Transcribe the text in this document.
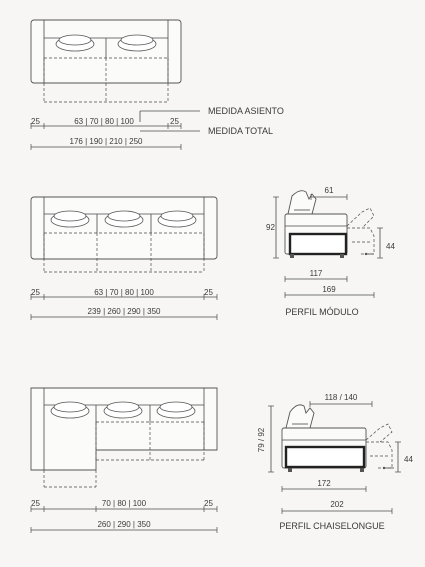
25	63 | 70 | 80 | 100	25
176 | 190 | 210 | 250
MEDIDA ASIENTO
MEDIDA TOTAL
25	63 | 70 | 80 | 100	25
239 | 260 | 290 | 350
61
92
44
117
169
PERFIL MÓDULO
25	70 | 80 | 100	25
260 | 290 | 350
118 / 140
79 / 92
44
172
202
PERFIL CHAISELONGUE
